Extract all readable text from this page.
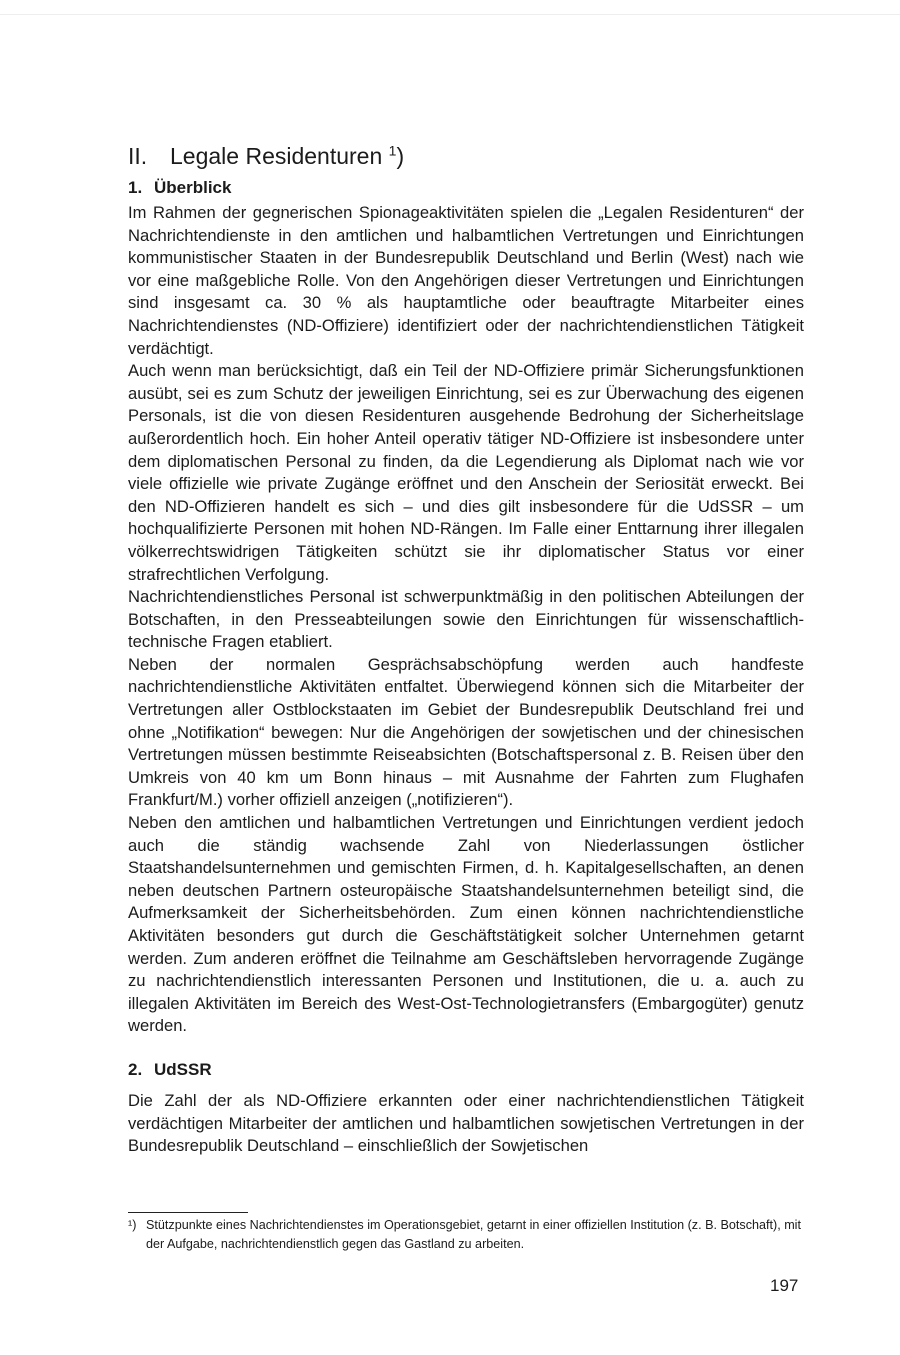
II. Legale Residenturen $^1$)
1. Überblick

Im Rahmen der gegnerischen Spionageaktivitäten spielen die „Legalen Residenturen“ der Nachrichtendienste in den amtlichen und halbamtlichen Vertretungen und Einrichtungen kommunistischer Staaten in der Bundesrepublik Deutschland und Berlin (West) nach wie vor eine maßgebliche Rolle. Von den Angehörigen dieser Vertretungen und Einrichtungen sind insgesamt ca. 30 % als hauptamtliche oder beauftragte Mitarbeiter eines Nachrichtendienstes (ND-Offiziere) identifiziert oder der nachrichtendienstlichen Tätigkeit verdächtigt.

Auch wenn man berücksichtigt, daß ein Teil der ND-Offiziere primär Sicherungsfunktionen ausübt, sei es zum Schutz der jeweiligen Einrichtung, sei es zur Überwachung des eigenen Personals, ist die von diesen Residenturen ausgehende Bedrohung der Sicherheitslage außerordentlich hoch. Ein hoher Anteil operativ tätiger ND-Offiziere ist insbesondere unter dem diplomatischen Personal zu finden, da die Legendierung als Diplomat nach wie vor viele offizielle wie private Zugänge eröffnet und den Anschein der Seriosität erweckt. Bei den ND-Offizieren handelt es sich – und dies gilt insbesondere für die UdSSR – um hochqualifizierte Personen mit hohen ND-Rängen. Im Falle einer Enttarnung ihrer illegalen völkerrechtswidrigen Tätigkeiten schützt sie ihr diplomatischer Status vor einer strafrechtlichen Verfolgung.

Nachrichtendienstliches Personal ist schwerpunktmäßig in den politischen Abteilungen der Botschaften, in den Presseabteilungen sowie den Einrichtungen für wissenschaftlich-technische Fragen etabliert.

Neben der normalen Gesprächsabschöpfung werden auch handfeste nachrichtendienstliche Aktivitäten entfaltet. Überwiegend können sich die Mitarbeiter der Vertretungen aller Ostblockstaaten im Gebiet der Bundesrepublik Deutschland frei und ohne „Notifikation“ bewegen: Nur die Angehörigen der sowjetischen und der chinesischen Vertretungen müssen bestimmte Reiseabsichten (Botschaftspersonal z. B. Reisen über den Umkreis von 40 km um Bonn hinaus – mit Ausnahme der Fahrten zum Flughafen Frankfurt/M.) vorher offiziell anzeigen („notifizieren“).

Neben den amtlichen und halbamtlichen Vertretungen und Einrichtungen verdient jedoch auch die ständig wachsende Zahl von Niederlassungen östlicher Staatshandelsunternehmen und gemischten Firmen, d. h. Kapitalgesellschaften, an denen neben deutschen Partnern osteuropäische Staatshandelsunternehmen beteiligt sind, die Aufmerksamkeit der Sicherheitsbehörden. Zum einen können nachrichtendienstliche Aktivitäten besonders gut durch die Geschäftstätigkeit solcher Unternehmen getarnt werden. Zum anderen eröffnet die Teilnahme am Geschäftsleben hervorragende Zugänge zu nachrichtendienstlich interessanten Personen und Institutionen, die u. a. auch zu illegalen Aktivitäten im Bereich des West-Ost-Technologietransfers (Embargogüter) genutz werden.

2. UdSSR

Die Zahl der als ND-Offiziere erkannten oder einer nachrichtendienstlichen Tätigkeit verdächtigen Mitarbeiter der amtlichen und halbamtlichen sowjetischen Vertretungen in der Bundesrepublik Deutschland – einschließlich der Sowjetischen

¹) Stützpunkte eines Nachrichtendienstes im Operationsgebiet, getarnt in einer offiziellen Institution (z. B. Botschaft), mit der Aufgabe, nachrichtendienstlich gegen das Gastland zu arbeiten.
197
